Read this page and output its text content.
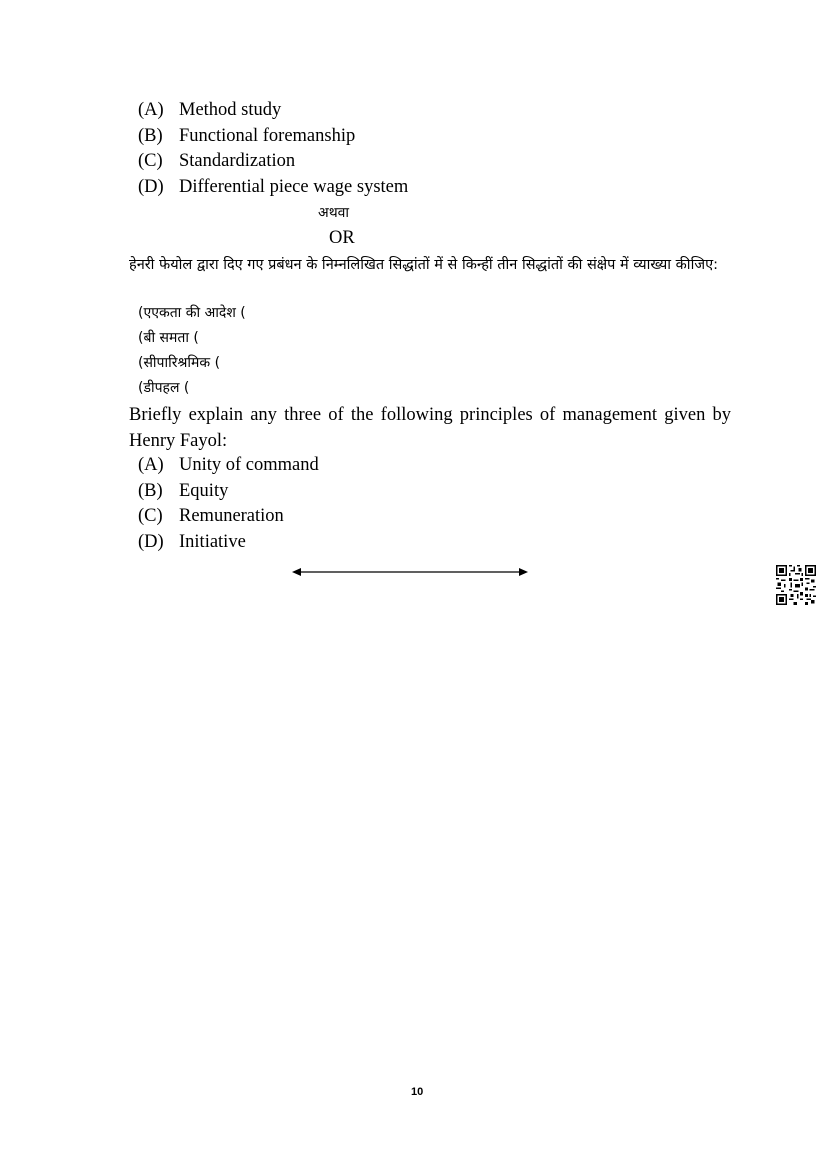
(A) Method study
(B) Functional foremanship
(C) Standardization
(D) Differential piece wage system
अथवा
OR
हेनरी फेयोल द्वारा दिए गए प्रबंधन के निम्नलिखित सिद्धांतों में से किन्हीं तीन सिद्धांतों की संक्षेप में व्याख्या कीजिए:
(एएकता की आदेश (
(बी समता (
(सीपारिश्रमिक (
(डीपहल (
Briefly explain any three of the following principles of management given by Henry Fayol:
(A) Unity of command
(B) Equity
(C) Remuneration
(D) Initiative
10
